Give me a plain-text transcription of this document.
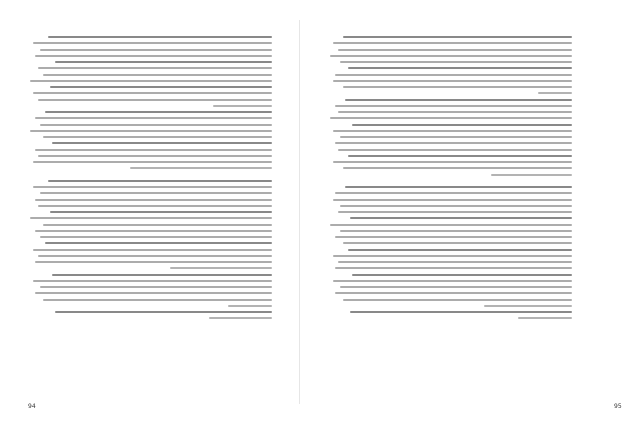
94	95
